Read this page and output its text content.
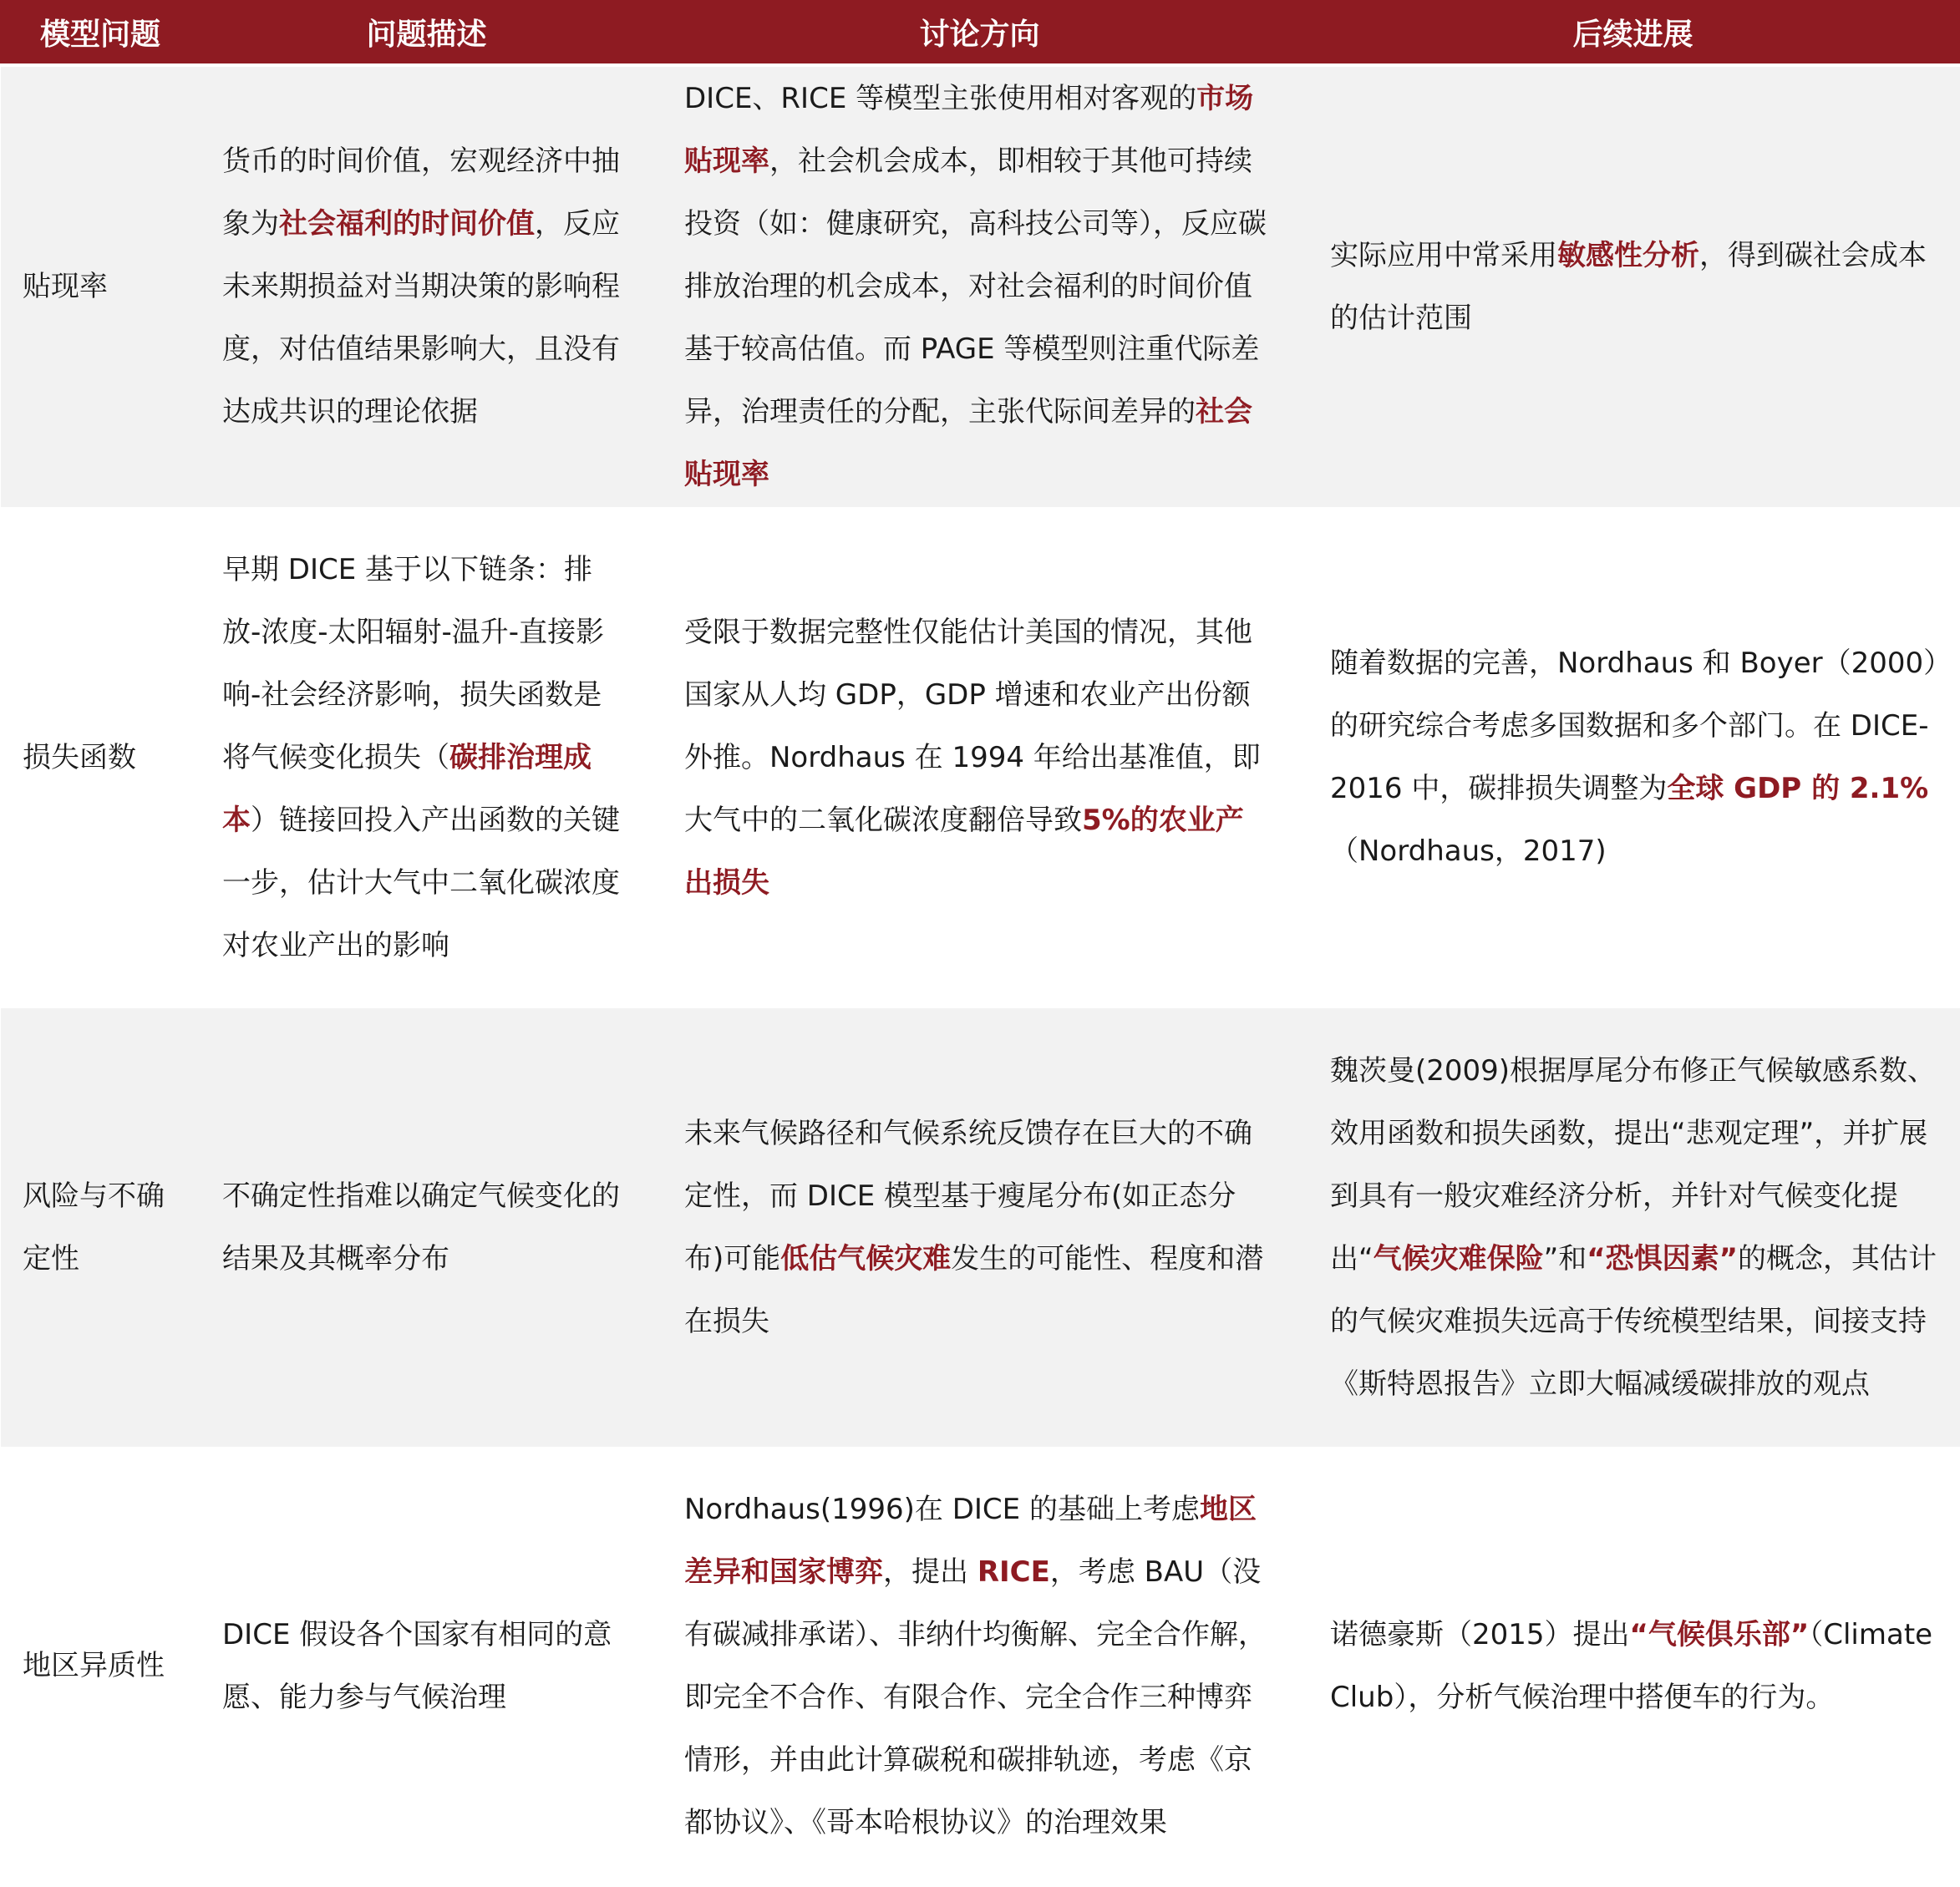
模型问题	问题描述	讨论方向	后续进展
贴现率	货币的时间价值，宏观经济中抽象为社会福利的时间价值，反应未来期损益对当期决策的影响程度，对估值结果影响大，且没有达成共识的理论依据	DICE、RICE 等模型主张使用相对客观的市场贴现率，社会机会成本，即相较于其他可持续投资（如：健康研究，高科技公司等），反应碳排放治理的机会成本，对社会福利的时间价值基于较高估值。而 PAGE 等模型则注重代际差异，治理责任的分配，主张代际间差异的社会贴现率	实际应用中常采用敏感性分析，得到碳社会成本的估计范围
损失函数	早期 DICE 基于以下链条：排放-浓度-太阳辐射-温升-直接影响-社会经济影响，损失函数是将气候变化损失（碳排治理成本）链接回投入产出函数的关键一步，估计大气中二氧化碳浓度对农业产出的影响	受限于数据完整性仅能估计美国的情况，其他国家从人均 GDP，GDP 增速和农业产出份额外推。Nordhaus 在 1994 年给出基准值，即大气中的二氧化碳浓度翻倍导致5%的农业产出损失	随着数据的完善，Nordhaus 和 Boyer（2000）的研究综合考虑多国数据和多个部门。在 DICE-2016 中，碳排损失调整为全球 GDP 的 2.1%（Nordhaus，2017)
风险与不确定性	不确定性指难以确定气候变化的结果及其概率分布	未来气候路径和气候系统反馈存在巨大的不确定性，而 DICE 模型基于瘦尾分布(如正态分布)可能低估气候灾难发生的可能性、程度和潜在损失	魏茨曼(2009)根据厚尾分布修正气候敏感系数、效用函数和损失函数，提出“悲观定理”，并扩展到具有一般灾难经济分析，并针对气候变化提出“气候灾难保险”和“恐惧因素”的概念，其估计的气候灾难损失远高于传统模型结果，间接支持《斯特恩报告》立即大幅减缓碳排放的观点
地区异质性	DICE 假设各个国家有相同的意愿、能力参与气候治理	Nordhaus(1996)在 DICE 的基础上考虑地区差异和国家博弈，提出 RICE，考虑 BAU（没有碳减排承诺）、非纳什均衡解、完全合作解，即完全不合作、有限合作、完全合作三种博弈情形，并由此计算碳税和碳排轨迹，考虑《京都协议》、《哥本哈根协议》的治理效果	诺德豪斯（2015）提出“气候俱乐部”（Climate Club），分析气候治理中搭便车的行为。
